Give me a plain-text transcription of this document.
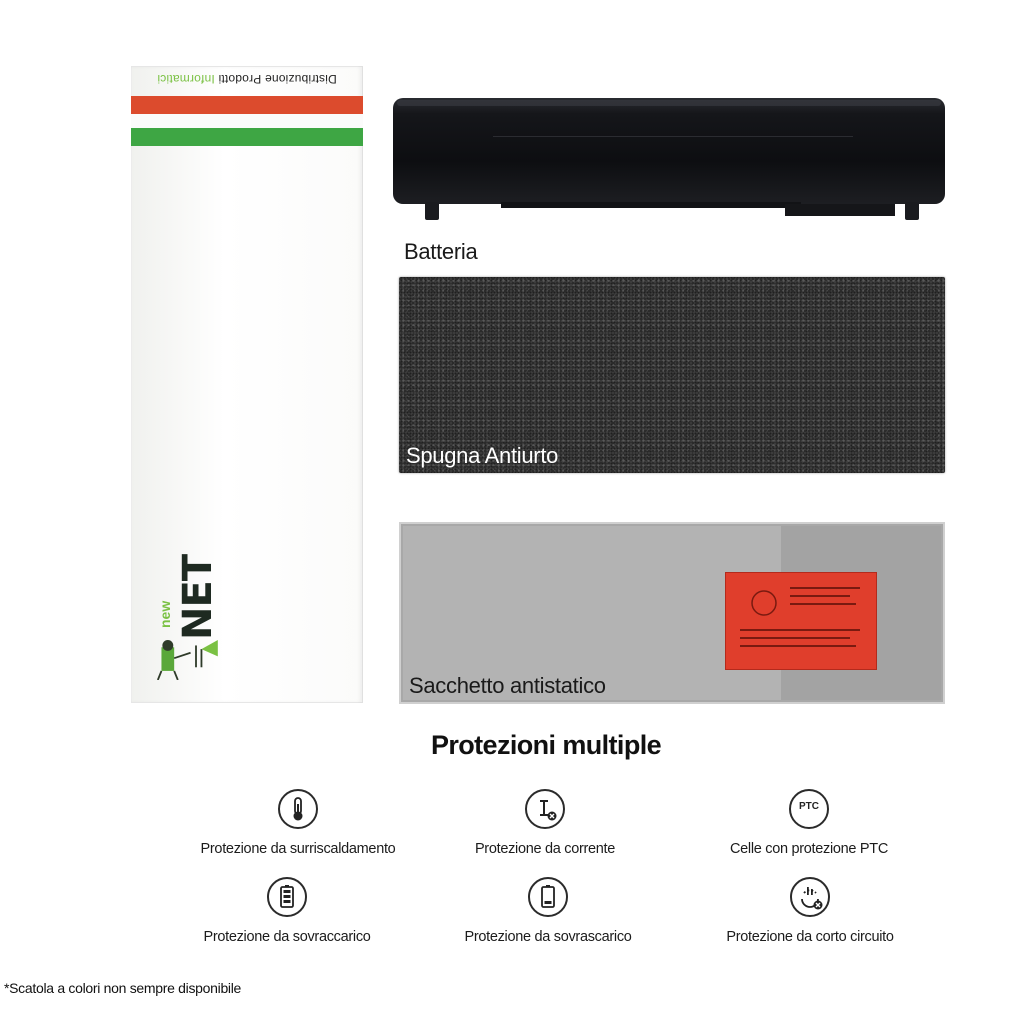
Distribuzione Prodotti Informatici
new NET
Batteria
Spugna Antiurto
Sacchetto antistatico
Protezioni multiple
Protezione da surriscaldamento	Protezione da corrente
PTC
Celle con protezione PTC
Protezione da sovraccarico	Protezione da sovrascarico	Protezione da corto circuito
*Scatola a colori non sempre disponibile
